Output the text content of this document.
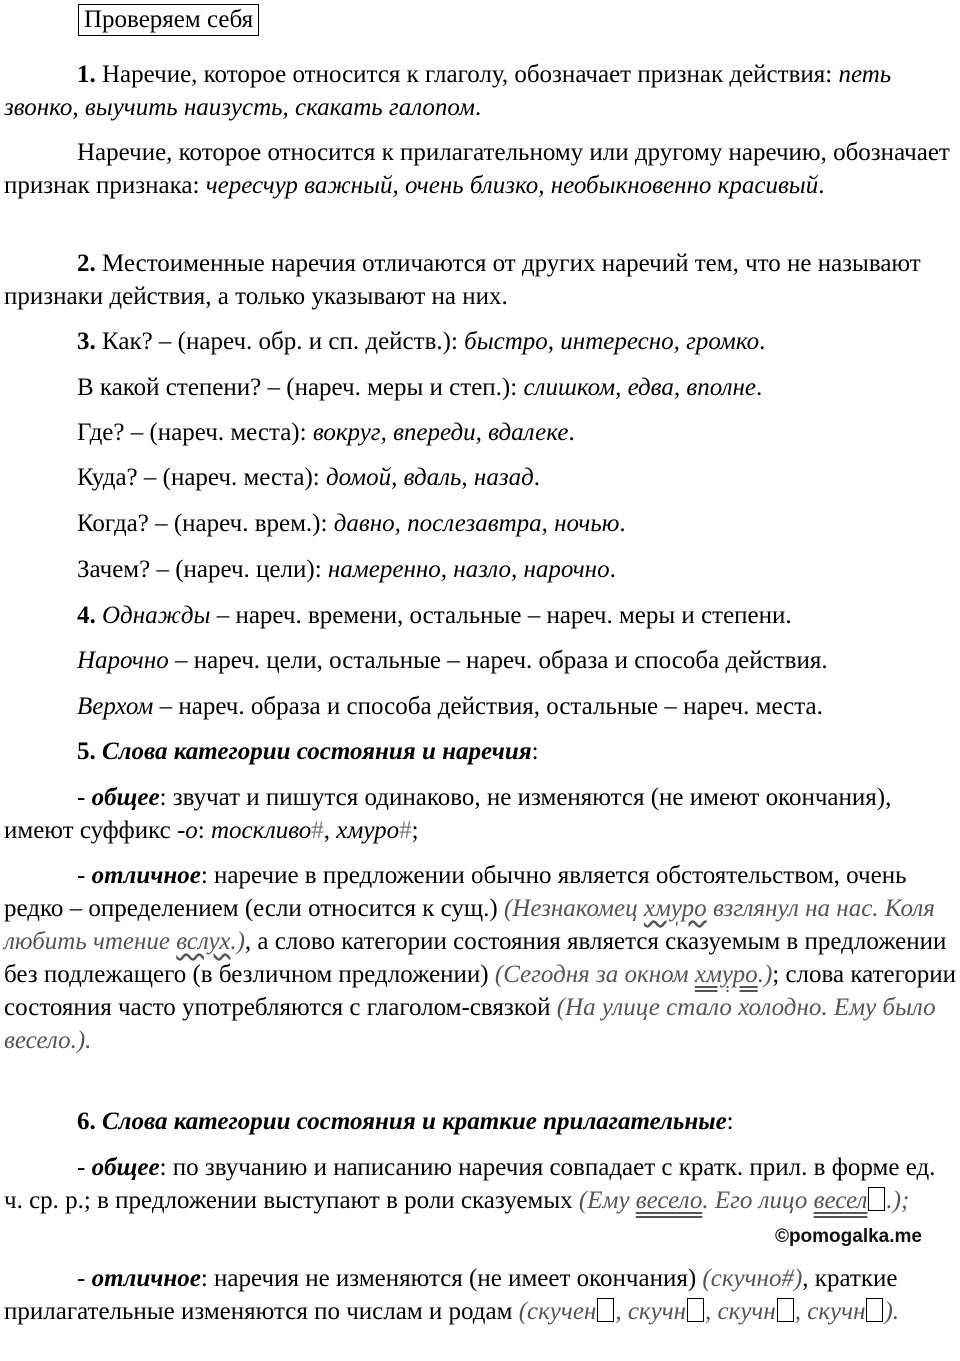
Проверяем себя

1. Наречие, которое относится к глаголу, обозначает признак действия: петь звонко, выучить наизусть, скакать галопом.

Наречие, которое относится к прилагательному или другому наречию, обозначает признак признака: чересчур важный, очень близко, необыкновенно красивый.

2. Местоименные наречия отличаются от других наречий тем, что не называют признаки действия, а только указывают на них.

3. Как? – (нареч. обр. и сп. действ.): быстро, интересно, громко.

В какой степени? – (нареч. меры и степ.): слишком, едва, вполне.

Где? – (нареч. места): вокруг, впереди, вдалеке.

Куда? – (нареч. места): домой, вдаль, назад.

Когда? – (нареч. врем.): давно, послезавтра, ночью.

Зачем? – (нареч. цели): намеренно, назло, нарочно.

4. Однажды – нареч. времени, остальные – нареч. меры и степени.

Нарочно – нареч. цели, остальные – нареч. образа и способа действия.

Верхом – нареч. образа и способа действия, остальные – нареч. места.

5. Слова категории состояния и наречия:

- общее: звучат и пишутся одинаково, не изменяются (не имеют окончания), имеют суффикс -о: тоскливо#, хмуро#;

- отличное: наречие в предложении обычно является обстоятельством, очень редко – определением (если относится к сущ.) (Незнакомец хмуро взглянул на нас. Коля любить чтение вслух.), а слово категории состояния является сказуемым в предложении без подлежащего (в безличном предложении) (Сегодня за окном хмуро.); слова категории состояния часто употребляются с глаголом-связкой (На улице стало холодно. Ему было весело.).

6. Слова категории состояния и краткие прилагательные:

- общее: по звучанию и написанию наречия совпадает с кратк. прил. в форме ед. ч. ср. р.; в предложении выступают в роли сказуемых (Ему весело. Его лицо весел .);

- отличное: наречия не изменяются (не имеет окончания) (скучно#), краткие прилагательные изменяются по числам и родам (скучен , скучн , скучн , скучн ).

©pomogalka.me
